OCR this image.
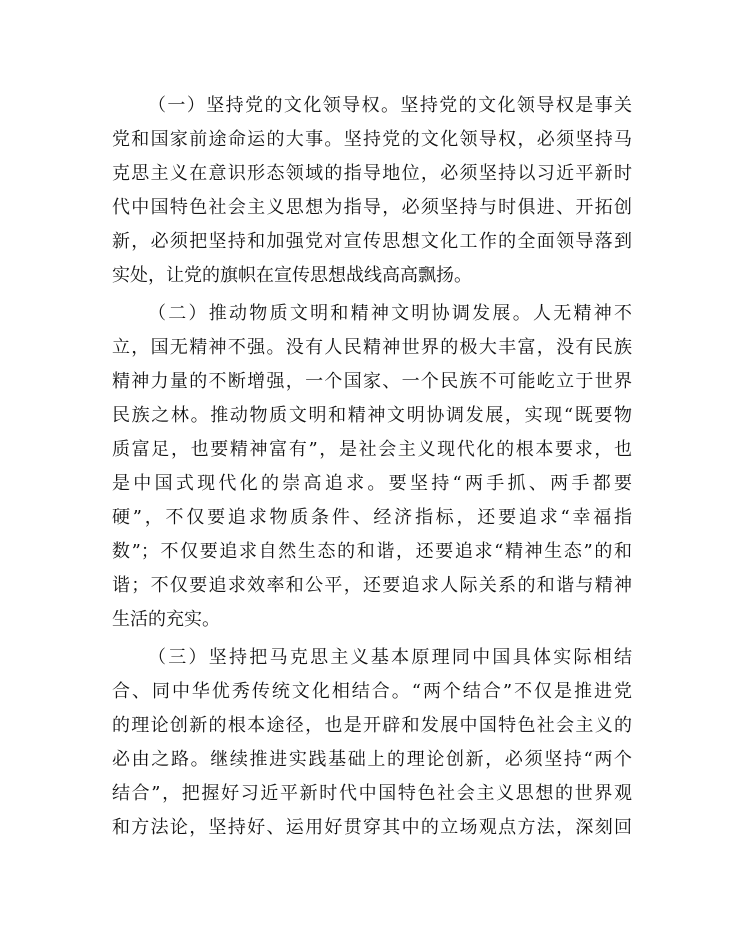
（一）坚持党的文化领导权。坚持党的文化领导权是事关
党和国家前途命运的大事。坚持党的文化领导权，必须坚持马
克思主义在意识形态领域的指导地位，必须坚持以习近平新时
代中国特色社会主义思想为指导，必须坚持与时俱进、开拓创
新，必须把坚持和加强党对宣传思想文化工作的全面领导落到
实处，让党的旗帜在宣传思想战线高高飘扬。
（二）推动物质文明和精神文明协调发展。人无精神不
立，国无精神不强。没有人民精神世界的极大丰富，没有民族
精神力量的不断增强，一个国家、一个民族不可能屹立于世界
民族之林。推动物质文明和精神文明协调发展，实现“既要物
质富足，也要精神富有”，是社会主义现代化的根本要求，也
是中国式现代化的崇高追求。要坚持“两手抓、两手都要
硬”，不仅要追求物质条件、经济指标，还要追求“幸福指
数”；不仅要追求自然生态的和谐，还要追求“精神生态”的和
谐；不仅要追求效率和公平，还要追求人际关系的和谐与精神
生活的充实。
（三）坚持把马克思主义基本原理同中国具体实际相结
合、同中华优秀传统文化相结合。“两个结合”不仅是推进党
的理论创新的根本途径，也是开辟和发展中国特色社会主义的
必由之路。继续推进实践基础上的理论创新，必须坚持“两个
结合”，把握好习近平新时代中国特色社会主义思想的世界观
和方法论，坚持好、运用好贯穿其中的立场观点方法，深刻回
